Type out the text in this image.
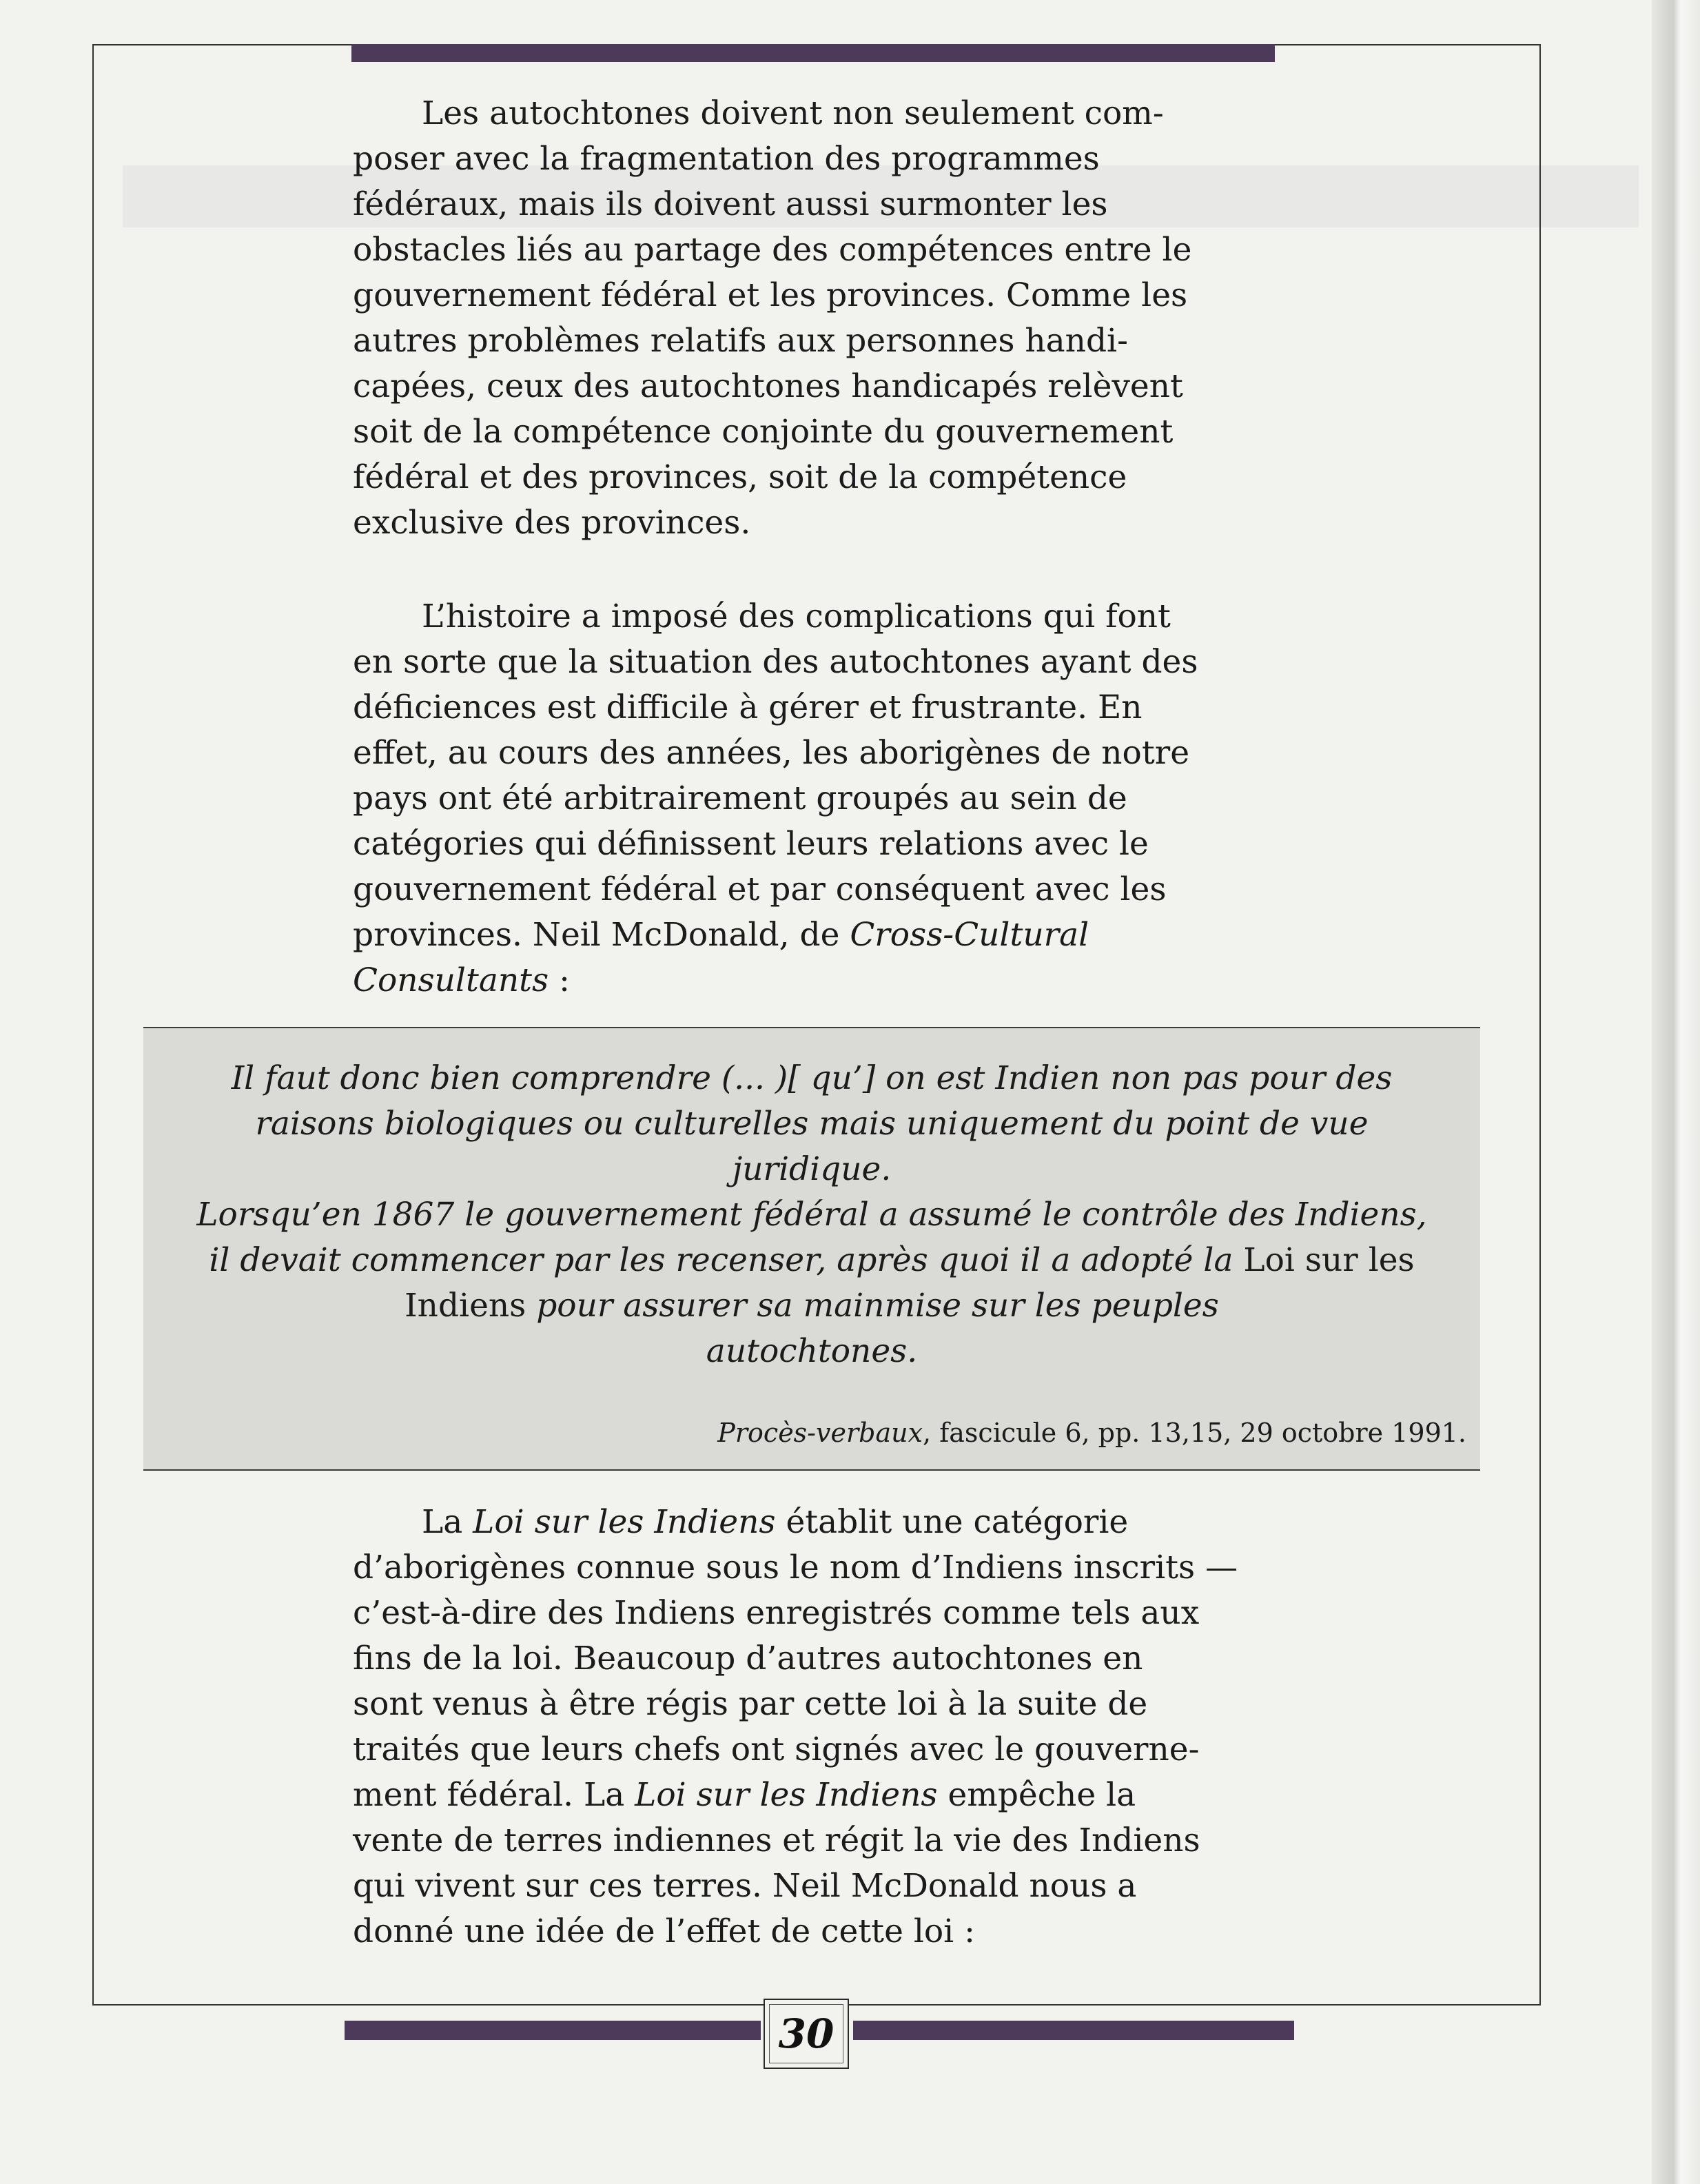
Les autochtones doivent non seulement com-
poser avec la fragmentation des programmes
fédéraux, mais ils doivent aussi surmonter les
obstacles liés au partage des compétences entre le
gouvernement fédéral et les provinces. Comme les
autres problèmes relatifs aux personnes handi-
capées, ceux des autochtones handicapés relèvent
soit de la compétence conjointe du gouvernement
fédéral et des provinces, soit de la compétence
exclusive des provinces.
L’histoire a imposé des complications qui font
en sorte que la situation des autochtones ayant des
déficiences est difficile à gérer et frustrante. En
effet, au cours des années, les aborigènes de notre
pays ont été arbitrairement groupés au sein de
catégories qui définissent leurs relations avec le
gouvernement fédéral et par conséquent avec les
provinces. Neil McDonald, de Cross-Cultural
Consultants :
Il faut donc bien comprendre (... )[ qu’] on est Indien non pas pour des
raisons biologiques ou culturelles mais uniquement du point de vue
juridique.
Lorsqu’en 1867 le gouvernement fédéral a assumé le contrôle des Indiens,
il devait commencer par les recenser, après quoi il a adopté la Loi sur les
Indiens pour assurer sa mainmise sur les peuples
autochtones.
Procès-verbaux, fascicule 6, pp. 13,15, 29 octobre 1991.
La Loi sur les Indiens établit une catégorie
d’aborigènes connue sous le nom d’Indiens inscrits —
c’est-à-dire des Indiens enregistrés comme tels aux
fins de la loi. Beaucoup d’autres autochtones en
sont venus à être régis par cette loi à la suite de
traités que leurs chefs ont signés avec le gouverne-
ment fédéral. La Loi sur les Indiens empêche la
vente de terres indiennes et régit la vie des Indiens
qui vivent sur ces terres. Neil McDonald nous a
donné une idée de l’effet de cette loi :
30
